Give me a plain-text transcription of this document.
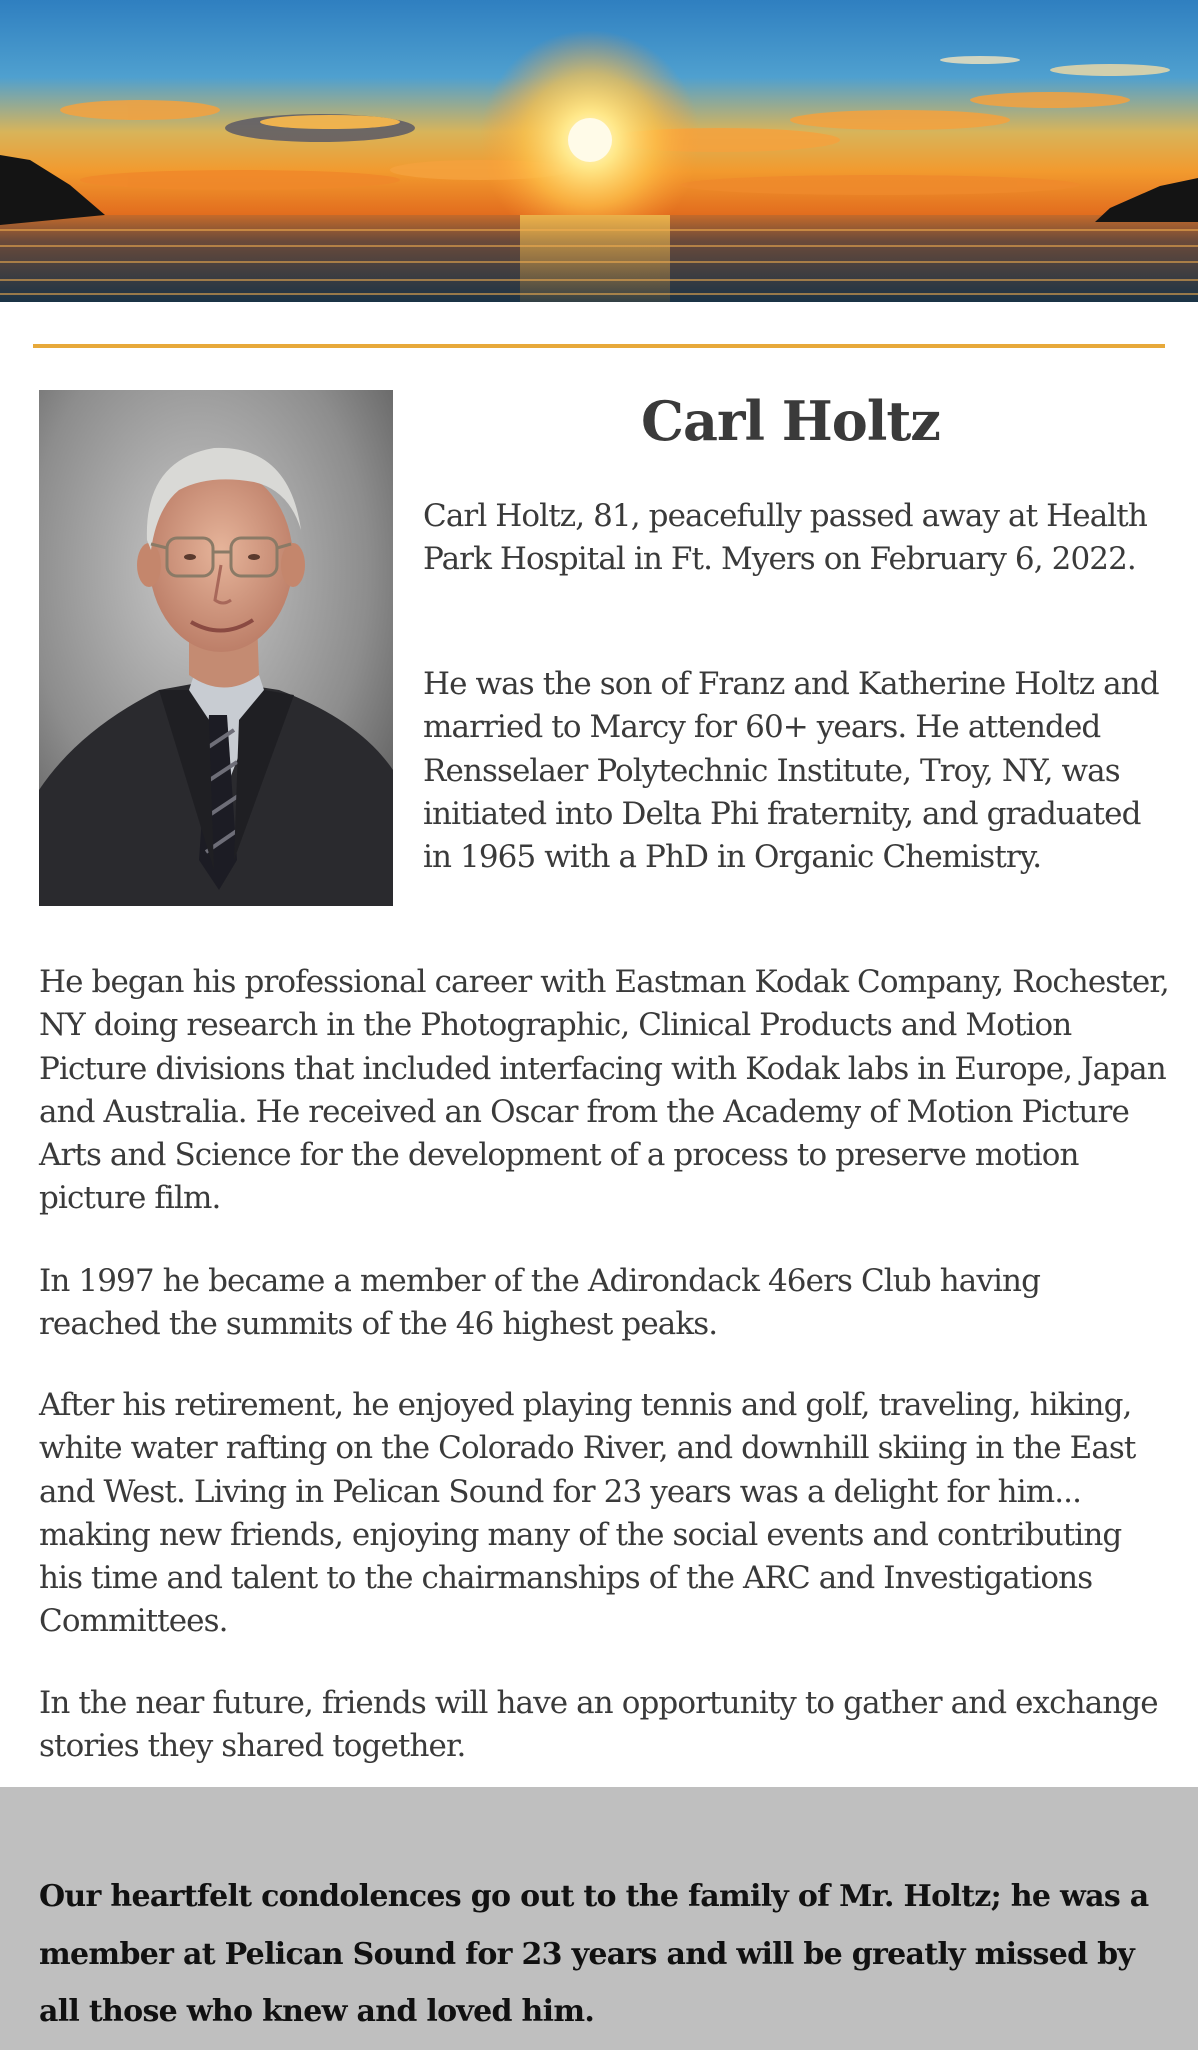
Carl Holtz

Carl Holtz, 81, peacefully passed away at Health Park Hospital in Ft. Myers on February 6, 2022.

He was the son of Franz and Katherine Holtz and married to Marcy for 60+ years. He attended Rensselaer Polytechnic Institute, Troy, NY, was initiated into Delta Phi fraternity, and graduated in 1965 with a PhD in Organic Chemistry.

He began his professional career with Eastman Kodak Company, Rochester, NY doing research in the Photographic, Clinical Products and Motion Picture divisions that included interfacing with Kodak labs in Europe, Japan and Australia. He received an Oscar from the Academy of Motion Picture Arts and Science for the development of a process to preserve motion picture film.

In 1997 he became a member of the Adirondack 46ers Club having reached the summits of the 46 highest peaks.

After his retirement, he enjoyed playing tennis and golf, traveling, hiking, white water rafting on the Colorado River, and downhill skiing in the East and West. Living in Pelican Sound for 23 years was a delight for him... making new friends, enjoying many of the social events and contributing his time and talent to the chairmanships of the ARC and Investigations Committees.

In the near future, friends will have an opportunity to gather and exchange stories they shared together.

Our heartfelt condolences go out to the family of Mr. Holtz; he was a member at Pelican Sound for 23 years and will be greatly missed by all those who knew and loved him.
